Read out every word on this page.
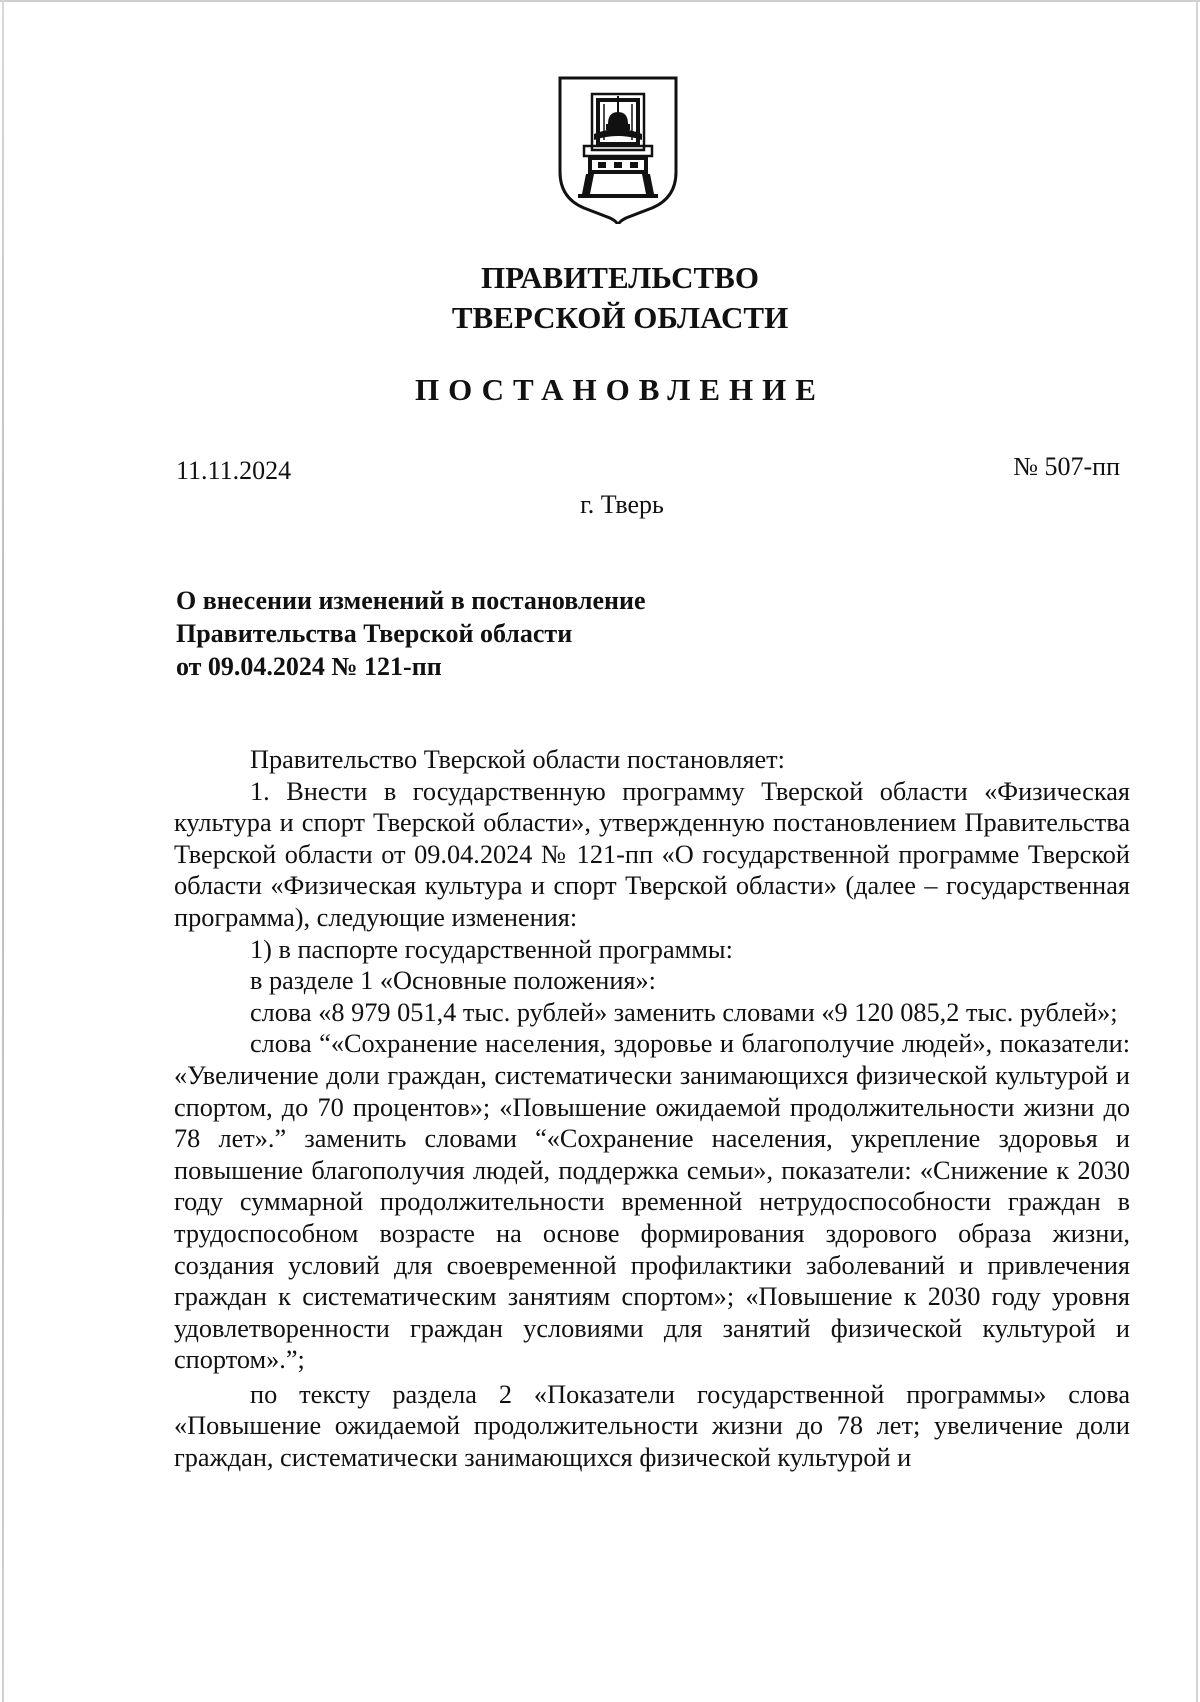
ПРАВИТЕЛЬСТВО
ТВЕРСКОЙ ОБЛАСТИ
ПОСТАНОВЛЕНИЕ
11.11.2024	№ 507-пп
г. Тверь
О внесении изменений в постановление
Правительства Тверской области
от 09.04.2024 № 121-пп

Правительство Тверской области постановляет:

1. Внести в государственную программу Тверской области «Физическая культура и спорт Тверской области», утвержденную постановлением Правительства Тверской области от 09.04.2024 № 121-пп «О государственной программе Тверской области «Физическая культура и спорт Тверской области» (далее – государственная программа), следующие изменения:

1) в паспорте государственной программы:

в разделе 1 «Основные положения»:

слова «8 979 051,4 тыс. рублей» заменить словами «9 120 085,2 тыс. рублей»;

слова “«Сохранение населения, здоровье и благополучие людей», показатели: «Увеличение доли граждан, систематически занимающихся физической культурой и спортом, до 70 процентов»; «Повышение ожидаемой продолжительности жизни до 78 лет».” заменить словами “«Сохранение населения, укрепление здоровья и повышение благополучия людей, поддержка семьи», показатели: «Снижение к 2030 году суммарной продолжительности временной нетрудоспособности граждан в трудоспособном возрасте на основе формирования здорового образа жизни, создания условий для своевременной профилактики заболеваний и привлечения граждан к систематическим занятиям спортом»; «Повышение к 2030 году уровня удовлетворенности граждан условиями для занятий физической культурой и спортом».”;

по тексту раздела 2 «Показатели государственной программы» слова «Повышение ожидаемой продолжительности жизни до 78 лет; увеличение доли граждан, систематически занимающихся физической культурой и
